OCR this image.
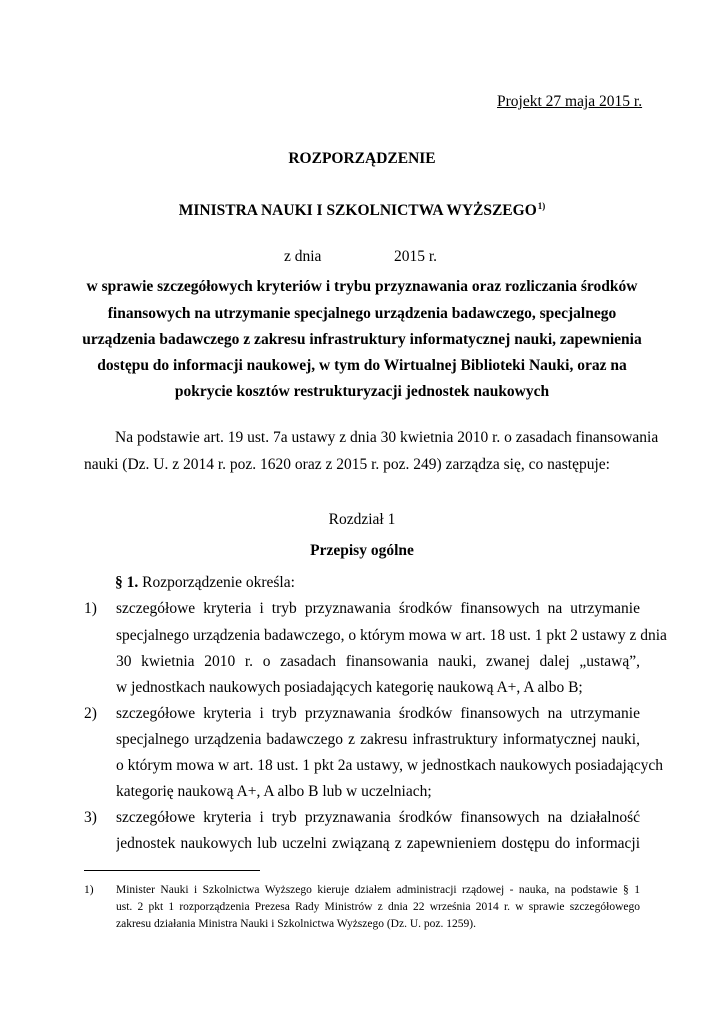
Projekt 27 maja 2015 r.
ROZPORZĄDZENIE
MINISTRA NAUKI I SZKOLNICTWA WYŻSZEGO$^{1)}$
z dnia	2015 r.
w sprawie szczegółowych kryteriów i trybu przyznawania oraz rozliczania środków
finansowych na utrzymanie specjalnego urządzenia badawczego, specjalnego
urządzenia badawczego z zakresu infrastruktury informatycznej nauki, zapewnienia
dostępu do informacji naukowej, w tym do Wirtualnej Biblioteki Nauki, oraz na
pokrycie kosztów restrukturyzacji jednostek naukowych
Na podstawie art. 19 ust. 7a ustawy z dnia 30 kwietnia 2010 r. o zasadach finansowania
nauki (Dz. U. z 2014 r. poz. 1620 oraz z 2015 r. poz. 249) zarządza się, co następuje:
Rozdział 1
Przepisy ogólne
§ 1. Rozporządzenie określa:
1) szczegółowe kryteria i tryb przyznawania środków finansowych na utrzymanie
specjalnego urządzenia badawczego, o którym mowa w art. 18 ust. 1 pkt 2 ustawy z dnia
30 kwietnia 2010 r. o zasadach finansowania nauki, zwanej dalej „ustawą”,
w jednostkach naukowych posiadających kategorię naukową A+, A albo B;
2) szczegółowe kryteria i tryb przyznawania środków finansowych na utrzymanie
specjalnego urządzenia badawczego z zakresu infrastruktury informatycznej nauki,
o którym mowa w art. 18 ust. 1 pkt 2a ustawy, w jednostkach naukowych posiadających
kategorię naukową A+, A albo B lub w uczelniach;
3) szczegółowe kryteria i tryb przyznawania środków finansowych na działalność
jednostek naukowych lub uczelni związaną z zapewnieniem dostępu do informacji
1) Minister Nauki i Szkolnictwa Wyższego kieruje działem administracji rządowej - nauka, na podstawie § 1
ust. 2 pkt 1 rozporządzenia Prezesa Rady Ministrów z dnia 22 września 2014 r. w sprawie szczegółowego
zakresu działania Ministra Nauki i Szkolnictwa Wyższego (Dz. U. poz. 1259).
